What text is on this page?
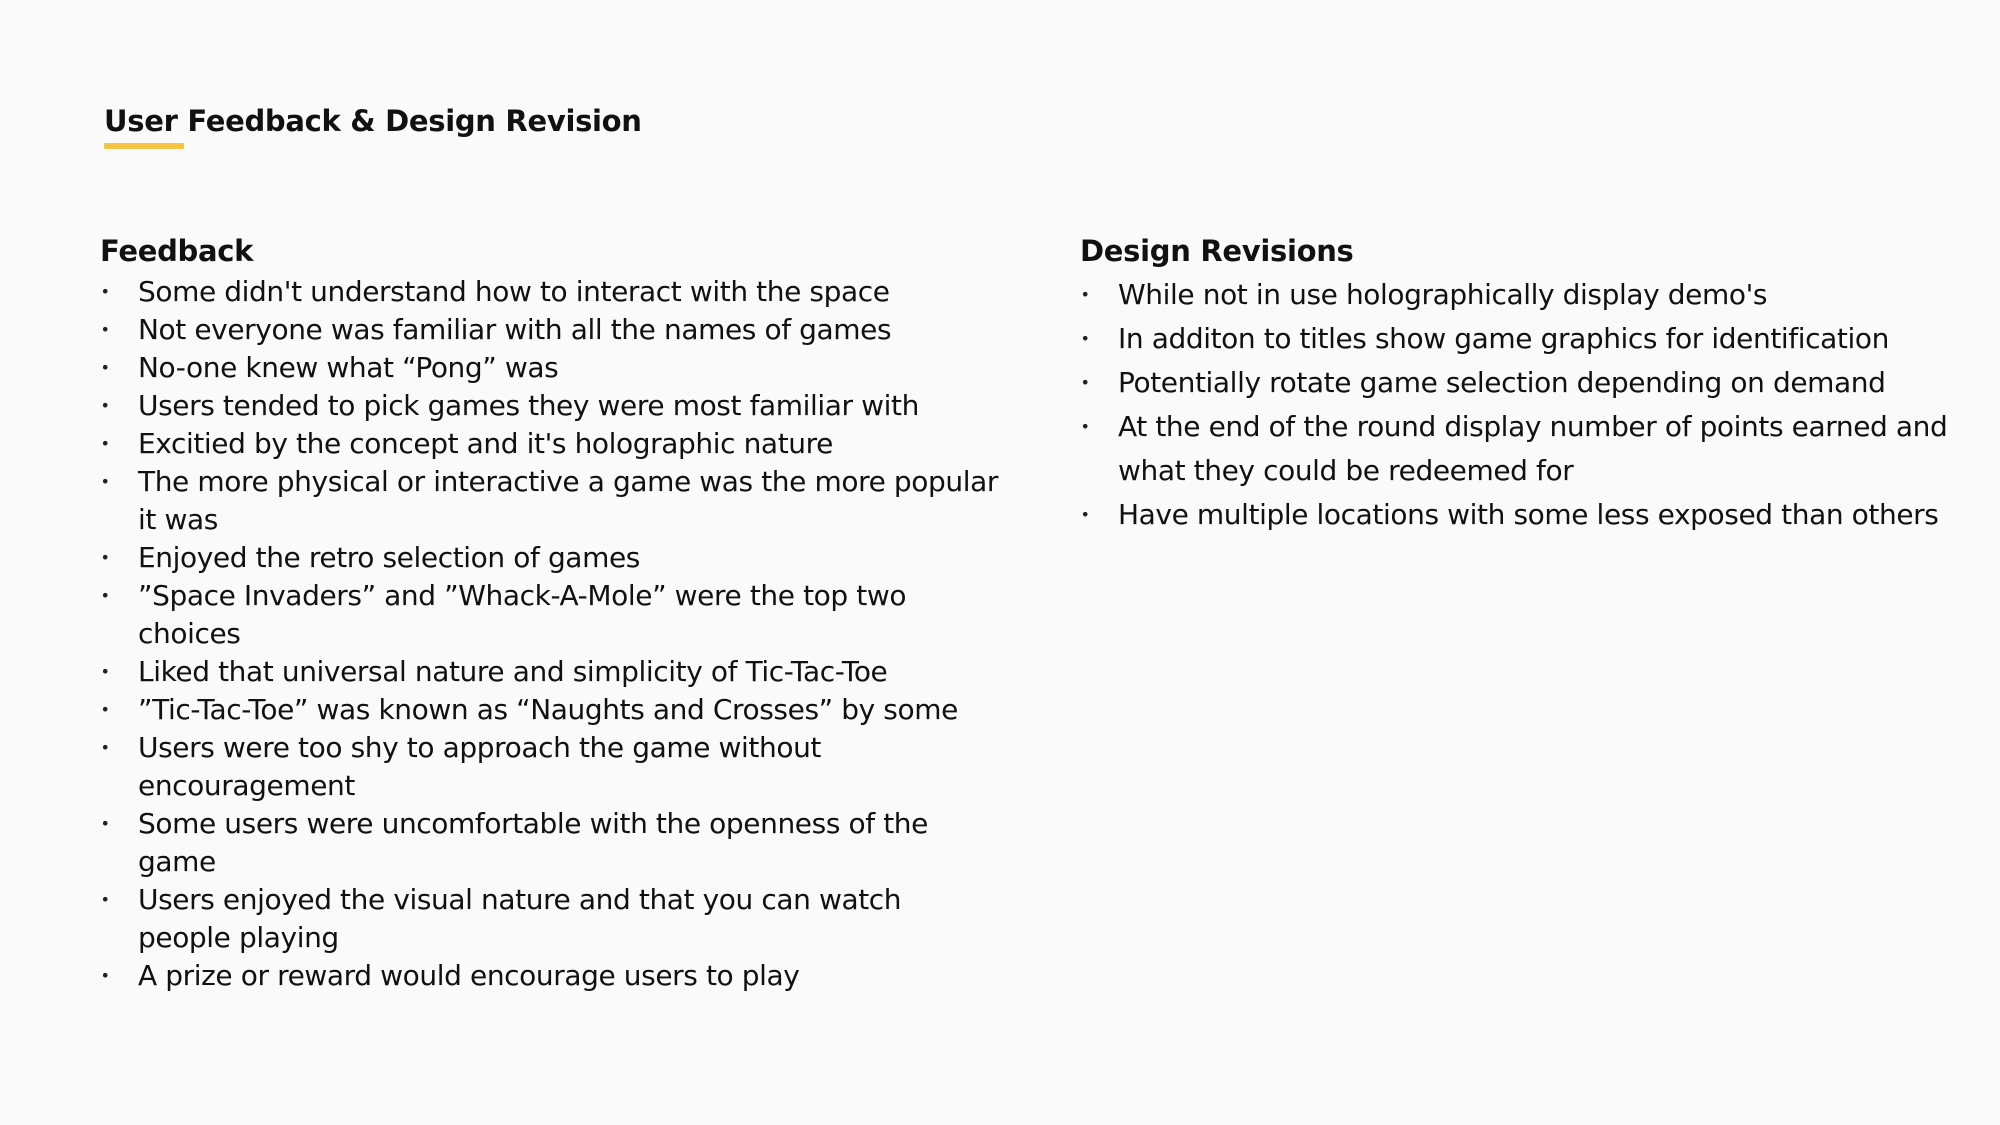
User Feedback & Design Revision
Feedback
• Some didn't understand how to interact with the space
• Not everyone was familiar with all the names of games
• No-one knew what “Pong” was
• Users tended to pick games they were most familiar with
• Excitied by the concept and it's holographic nature
• The more physical or interactive a game was the more popular it was
• Enjoyed the retro selection of games
• ”Space Invaders” and ”Whack-A-Mole” were the top two choices
• Liked that universal nature and simplicity of Tic-Tac-Toe
• ”Tic-Tac-Toe” was known as “Naughts and Crosses” by some
• Users were too shy to approach the game without encouragement
• Some users were uncomfortable with the openness of the game
• Users enjoyed the visual nature and that you can watch people playing
• A prize or reward would encourage users to play
Design Revisions
• While not in use holographically display demo's
• In additon to titles show game graphics for identification
• Potentially rotate game selection depending on demand
• At the end of the round display number of points earned and what they could be redeemed for
• Have multiple locations with some less exposed than others
